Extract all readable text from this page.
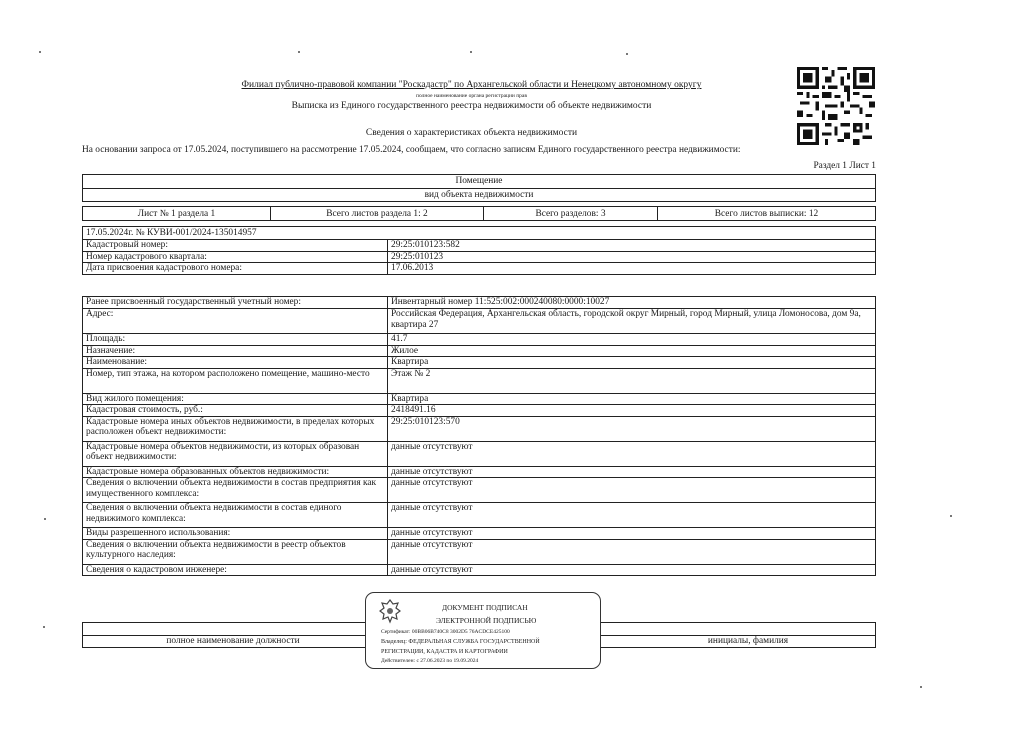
Филиал публично-правовой компании "Роскадастр" по Архангельской области и Ненецкому автономному округу
полное наименование органа регистрации прав
Выписка из Единого государственного реестра недвижимости об объекте недвижимости
Сведения о характеристиках объекта недвижимости
На основании запроса от 17.05.2024, поступившего на рассмотрение 17.05.2024, сообщаем, что согласно записям Единого государственного реестра недвижимости:
Раздел 1 Лист 1
Помещение
вид объекта недвижимости
Лист № 1 раздела 1	Всего листов раздела 1: 2	Всего разделов: 3	Всего листов выписки: 12
17.05.2024г. № КУВИ-001/2024-135014957
Кадастровый номер:	29:25:010123:582
Номер кадастрового квартала:	29:25:010123
Дата присвоения кадастрового номера:	17.06.2013
Ранее присвоенный государственный учетный номер:	Инвентарный номер 11:525:002:000240080:0000:10027
Адрес:	Российская Федерация, Архангельская область, городской округ Мирный, город Мирный, улица Ломоносова, дом 9а, квартира 27
Площадь:	41.7
Назначение:	Жилое
Наименование:	Квартира
Номер, тип этажа, на котором расположено помещение, машино-место	Этаж № 2
Вид жилого помещения:	Квартира
Кадастровая стоимость, руб.:	2418491.16
Кадастровые номера иных объектов недвижимости, в пределах которых расположен объект недвижимости:	29:25:010123:570
Кадастровые номера объектов недвижимости, из которых образован объект недвижимости:	данные отсутствуют
Кадастровые номера образованных объектов недвижимости:	данные отсутствуют
Сведения о включении объекта недвижимости в состав предприятия как имущественного комплекса:	данные отсутствуют
Сведения о включении объекта недвижимости в состав единого недвижимого комплекса:	данные отсутствуют
Виды разрешенного использования:	данные отсутствуют
Сведения о включении объекта недвижимости в реестр объектов культурного наследия:	данные отсутствуют
Сведения о кадастровом инженере:	данные отсутствуют
полное наименование должности	инициалы, фамилия
ДОКУМЕНТ ПОДПИСАН
ЭЛЕКТРОННОЙ ПОДПИСЬЮ
Сертификат: 00BB06B740C8 3002D5 76ACDCE425100
Владелец: ФЕДЕРАЛЬНАЯ СЛУЖБА ГОСУДАРСТВЕННОЙ
РЕГИСТРАЦИИ, КАДАСТРА И КАРТОГРАФИИ
Действителен: с 27.06.2023 по 19.09.2024
